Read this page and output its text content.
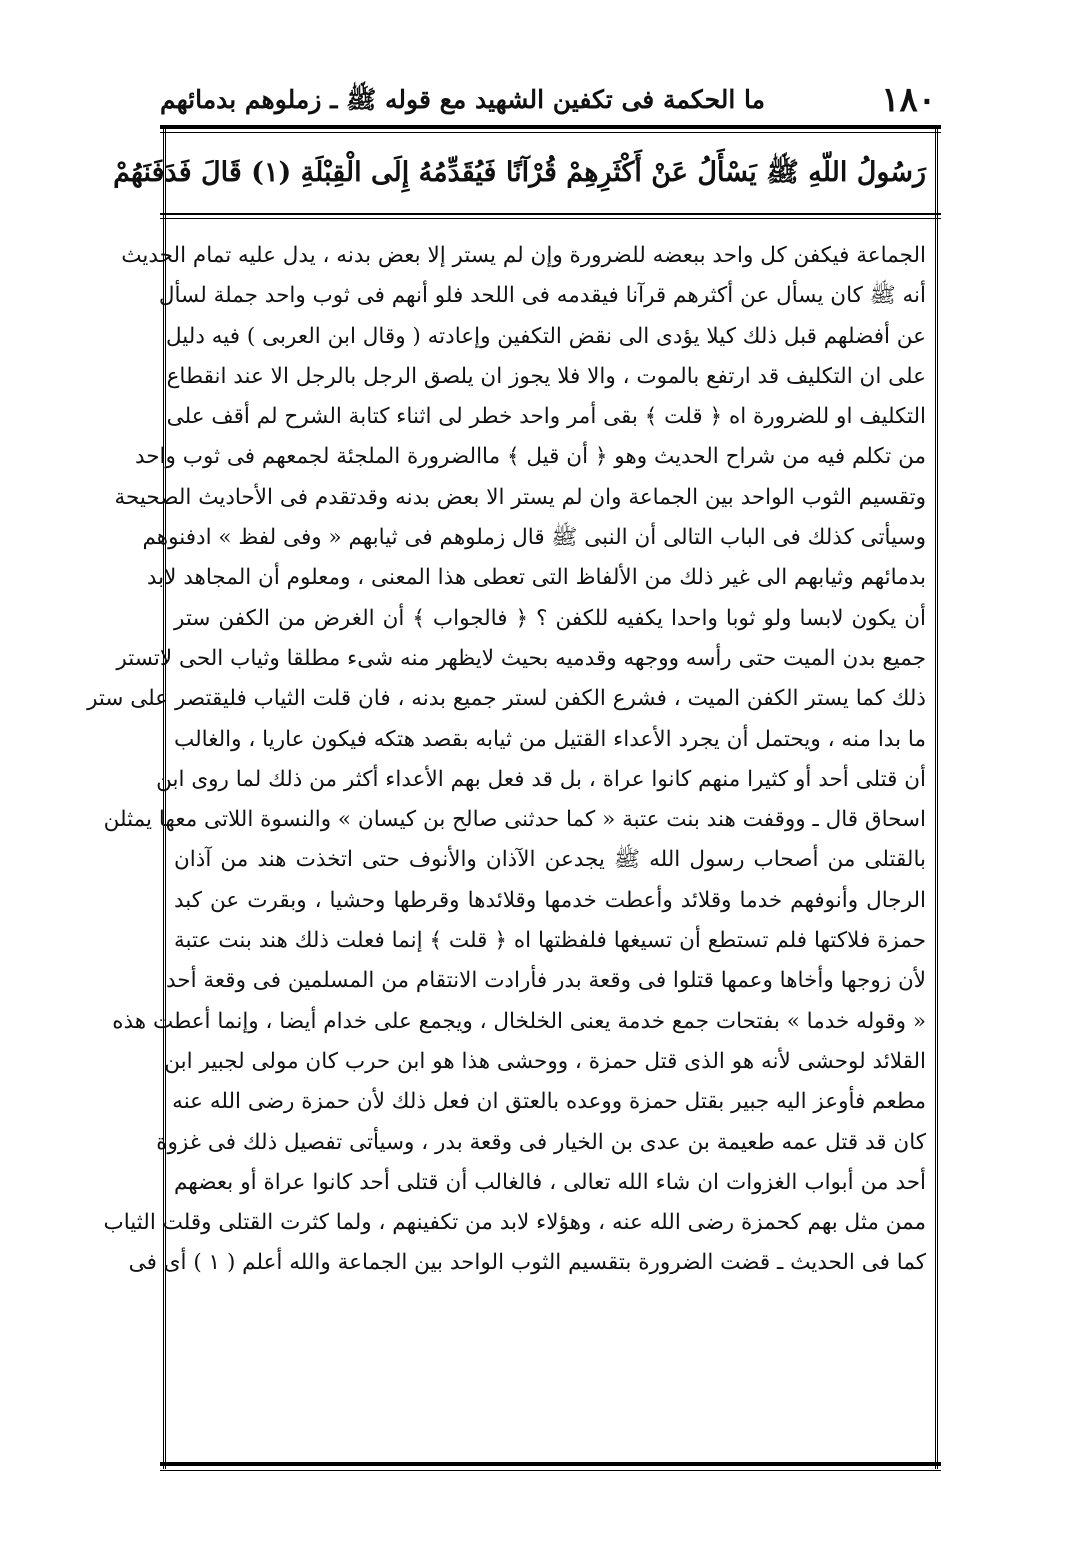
١٨٠
ما الحكمة فى تكفين الشهيد مع قوله ﷺ ـ زملوهم بدمائهم
رَسُولُ اللّهِ ﷺ يَسْأَلُ عَنْ أَكْثَرِهِمْ قُرْآنًا فَيُقَدِّمُهُ إِلَى الْقِبْلَةِ (١) قَالَ فَدَفَنَهُمْ
الجماعة فيكفن كل واحد ببعضه للضرورة وإن لم يستر إلا بعض بدنه ، يدل عليه تمام الحديث
أنه ﷺ كان يسأل عن أكثرهم قرآنا فيقدمه فى اللحد فلو أنهم فى ثوب واحد جملة لسأل
عن أفضلهم قبل ذلك كيلا يؤدى الى نقض التكفين وإعادته ( وقال ابن العربى ) فيه دليل
على ان التكليف قد ارتفع بالموت ، والا فلا يجوز ان يلصق الرجل بالرجل الا عند انقطاع
التكليف او للضرورة اه ﴿ قلت ﴾ بقى أمر واحد خطر لى اثناء كتابة الشرح لم أقف على
من تكلم فيه من شراح الحديث وهو ﴿ أن قيل ﴾ ماالضرورة الملجئة لجمعهم فى ثوب واحد
وتقسيم الثوب الواحد بين الجماعة وان لم يستر الا بعض بدنه وقدتقدم فى الأحاديث الصحيحة
وسيأتى كذلك فى الباب التالى أن النبى ﷺ قال زملوهم فى ثيابهم « وفى لفظ » ادفنوهم
بدمائهم وثيابهم الى غير ذلك من الألفاظ التى تعطى هذا المعنى ، ومعلوم أن المجاهد لابد
أن يكون لابسا ولو ثوبا واحدا يكفيه للكفن ؟ ﴿ فالجواب ﴾ أن الغرض من الكفن ستر
جميع بدن الميت حتى رأسه ووجهه وقدميه بحيث لايظهر منه شىء مطلقا وثياب الحى لاتستر
ذلك كما يستر الكفن الميت ، فشرع الكفن لستر جميع بدنه ، فان قلت الثياب فليقتصر على ستر
ما بدا منه ، ويحتمل أن يجرد الأعداء القتيل من ثيابه بقصد هتكه فيكون عاريا ، والغالب
أن قتلى أحد أو كثيرا منهم كانوا عراة ، بل قد فعل بهم الأعداء أكثر من ذلك لما روى ابن
اسحاق قال ـ ووقفت هند بنت عتبة « كما حدثنى صالح بن كيسان » والنسوة اللاتى معها يمثلن
بالقتلى من أصحاب رسول الله ﷺ يجدعن الآذان والأنوف حتى اتخذت هند من آذان
الرجال وأنوفهم خدما وقلائد وأعطت خدمها وقلائدها وقرطها وحشيا ، وبقرت عن كبد
حمزة فلاكتها فلم تستطع أن تسيغها فلفظتها اه ﴿ قلت ﴾ إنما فعلت ذلك هند بنت عتبة
لأن زوجها وأخاها وعمها قتلوا فى وقعة بدر فأرادت الانتقام من المسلمين فى وقعة أحد
« وقوله خدما » بفتحات جمع خدمة يعنى الخلخال ، ويجمع على خدام أيضا ، وإنما أعطت هذه
القلائد لوحشى لأنه هو الذى قتل حمزة ، ووحشى هذا هو ابن حرب كان مولى لجبير ابن
مطعم فأوعز اليه جبير بقتل حمزة ووعده بالعتق ان فعل ذلك لأن حمزة رضى الله عنه
كان قد قتل عمه طعيمة بن عدى بن الخيار فى وقعة بدر ، وسيأتى تفصيل ذلك فى غزوة
أحد من أبواب الغزوات ان شاء الله تعالى ، فالغالب أن قتلى أحد كانوا عراة أو بعضهم
ممن مثل بهم كحمزة رضى الله عنه ، وهؤلاء لابد من تكفينهم ، ولما كثرت القتلى وقلت الثياب
كما فى الحديث ـ قضت الضرورة بتقسيم الثوب الواحد بين الجماعة والله أعلم ( ١ ) أى فى
